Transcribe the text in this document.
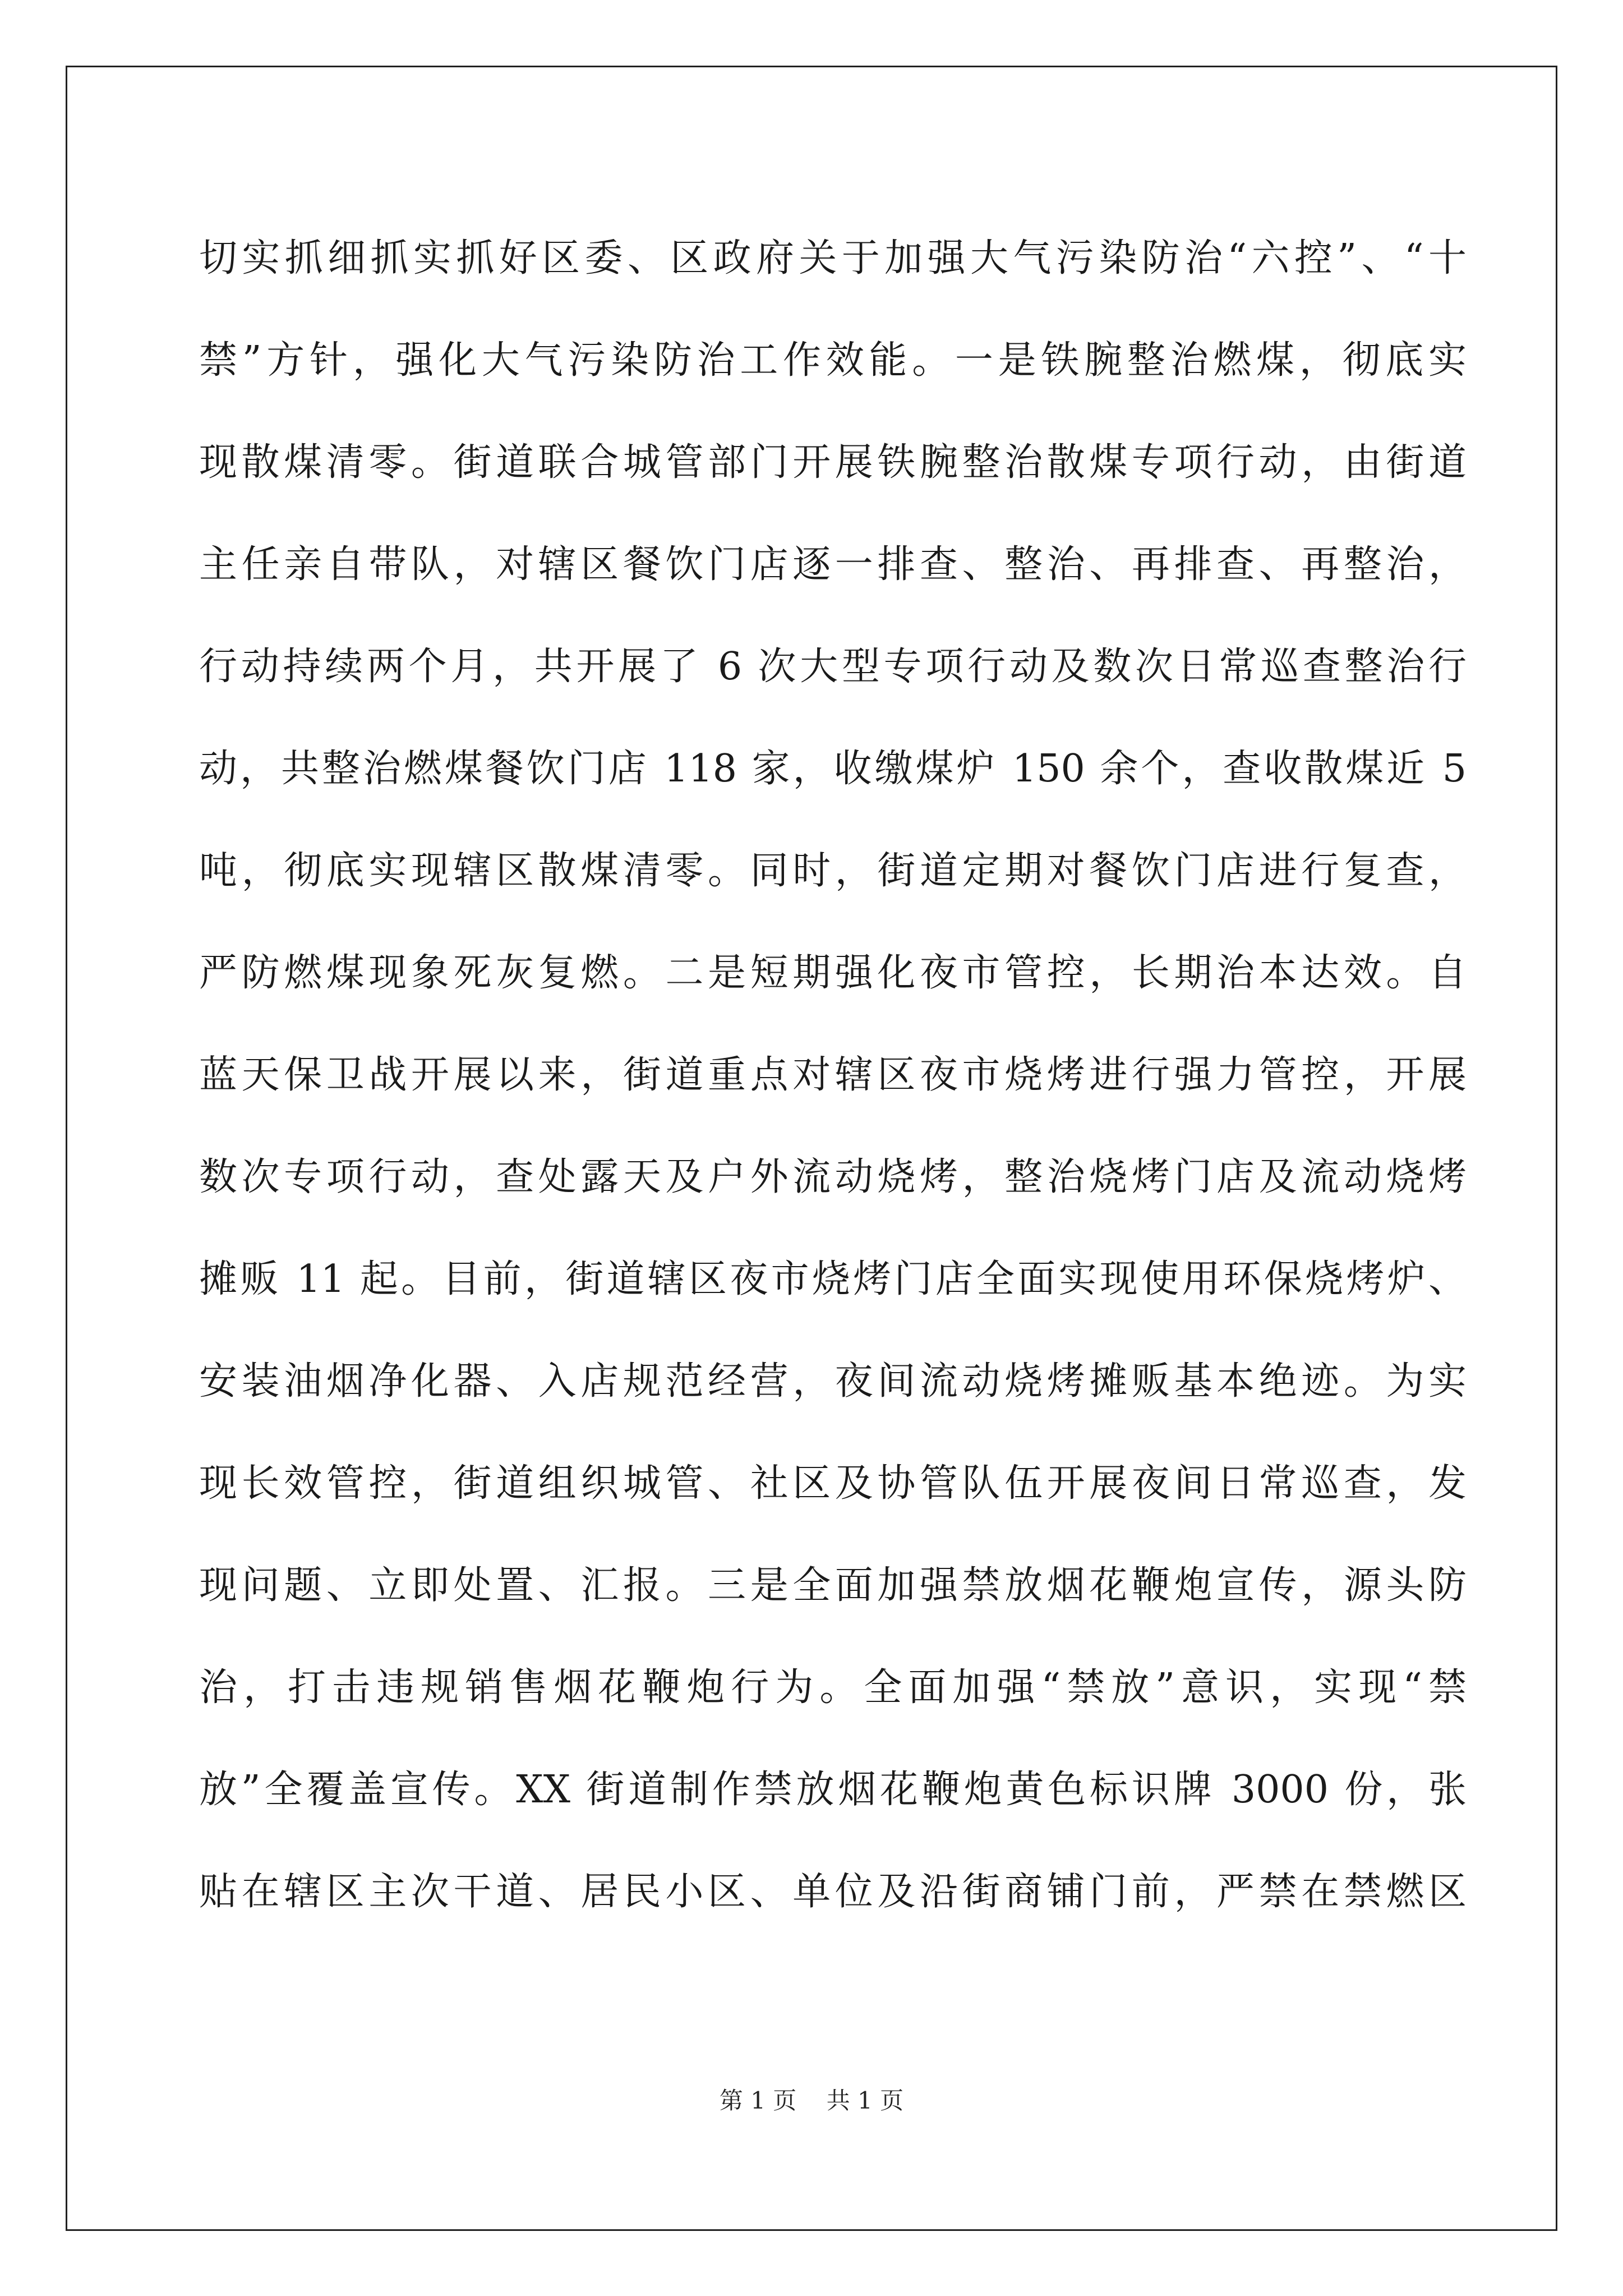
切实抓细抓实抓好区委、区政府关于加强大气污染防治“六控”、“十
禁”方针，强化大气污染防治工作效能。一是铁腕整治燃煤，彻底实
现散煤清零。街道联合城管部门开展铁腕整治散煤专项行动，由街道
主任亲自带队，对辖区餐饮门店逐一排查、整治、再排查、再整治，
行动持续两个月，共开展了 6 次大型专项行动及数次日常巡查整治行
动，共整治燃煤餐饮门店 118 家，收缴煤炉 150 余个，查收散煤近 5
吨，彻底实现辖区散煤清零。同时，街道定期对餐饮门店进行复查，
严防燃煤现象死灰复燃。二是短期强化夜市管控，长期治本达效。自
蓝天保卫战开展以来，街道重点对辖区夜市烧烤进行强力管控，开展
数次专项行动，查处露天及户外流动烧烤，整治烧烤门店及流动烧烤
摊贩 11 起。目前，街道辖区夜市烧烤门店全面实现使用环保烧烤炉、
安装油烟净化器、入店规范经营，夜间流动烧烤摊贩基本绝迹。为实
现长效管控，街道组织城管、社区及协管队伍开展夜间日常巡查，发
现问题、立即处置、汇报。三是全面加强禁放烟花鞭炮宣传，源头防
治，打击违规销售烟花鞭炮行为。全面加强“禁放”意识，实现“禁
放”全覆盖宣传。XX 街道制作禁放烟花鞭炮黄色标识牌 3000 份，张
贴在辖区主次干道、居民小区、单位及沿街商铺门前，严禁在禁燃区
第 1 页    共 1 页
